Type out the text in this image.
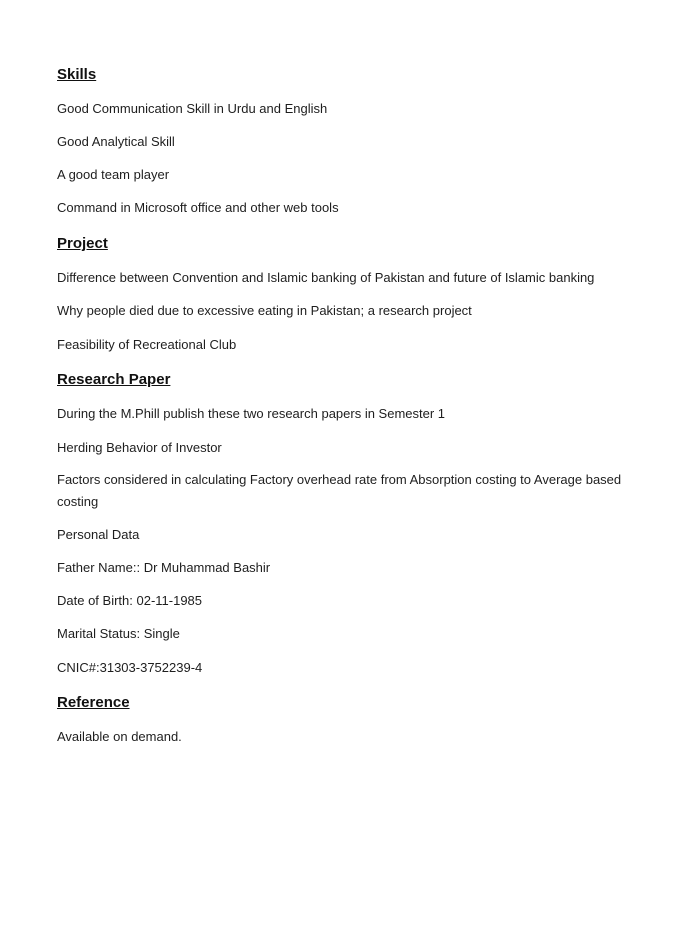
Skills
Good Communication Skill in Urdu and English
Good Analytical Skill
A good team player
Command in Microsoft office and other web tools
Project
Difference between Convention and Islamic banking of Pakistan and future of Islamic banking
Why people died due to excessive eating in Pakistan; a research project
Feasibility of Recreational Club
Research Paper
During the M.Phill publish these two research papers in Semester 1
Herding Behavior of Investor
Factors considered in calculating Factory overhead rate from Absorption costing to Average based costing
Personal Data
Father Name:: Dr Muhammad Bashir
Date of Birth: 02-11-1985
Marital Status: Single
CNIC#:31303-3752239-4
Reference
Available on demand.
